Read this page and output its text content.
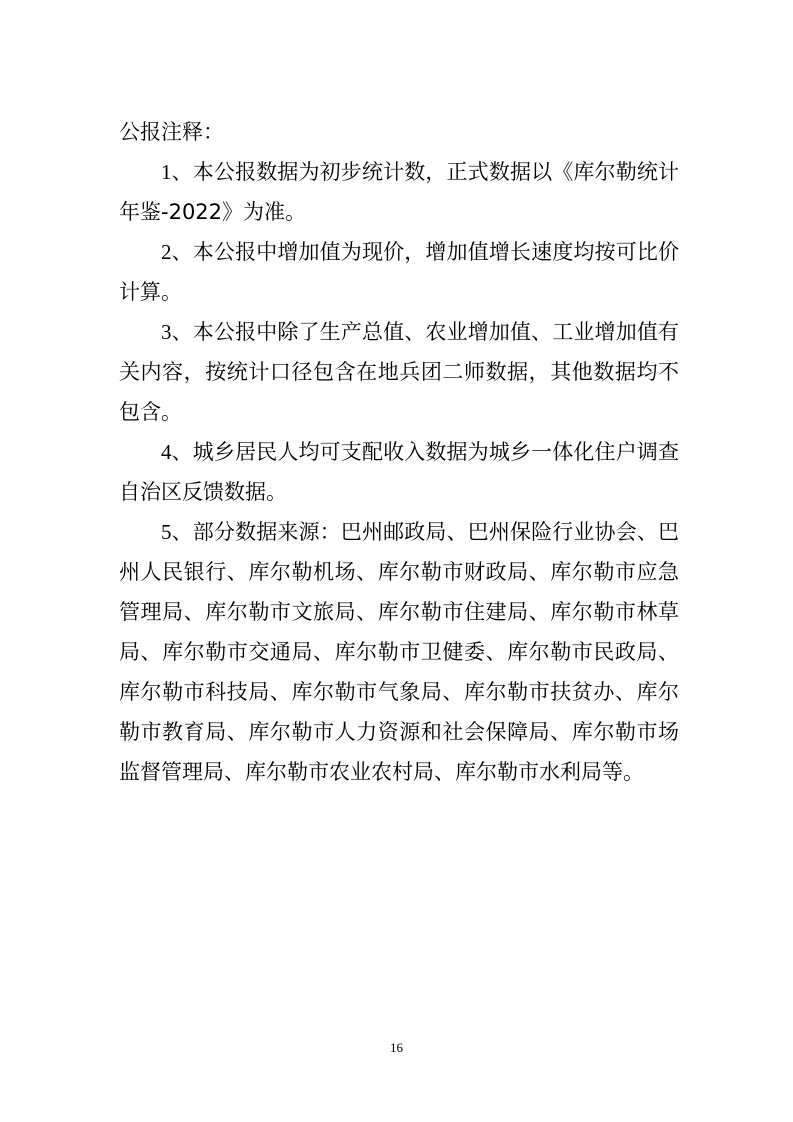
公报注释：

1、本公报数据为初步统计数，正式数据以《库尔勒统计年鉴-2022》为准。

2、本公报中增加值为现价，增加值增长速度均按可比价计算。

3、本公报中除了生产总值、农业增加值、工业增加值有关内容，按统计口径包含在地兵团二师数据，其他数据均不包含。

4、城乡居民人均可支配收入数据为城乡一体化住户调查自治区反馈数据。

5、部分数据来源：巴州邮政局、巴州保险行业协会、巴州人民银行、库尔勒机场、库尔勒市财政局、库尔勒市应急管理局、库尔勒市文旅局、库尔勒市住建局、库尔勒市林草局、库尔勒市交通局、库尔勒市卫健委、库尔勒市民政局、库尔勒市科技局、库尔勒市气象局、库尔勒市扶贫办、库尔勒市教育局、库尔勒市人力资源和社会保障局、库尔勒市场监督管理局、库尔勒市农业农村局、库尔勒市水利局等。

16
